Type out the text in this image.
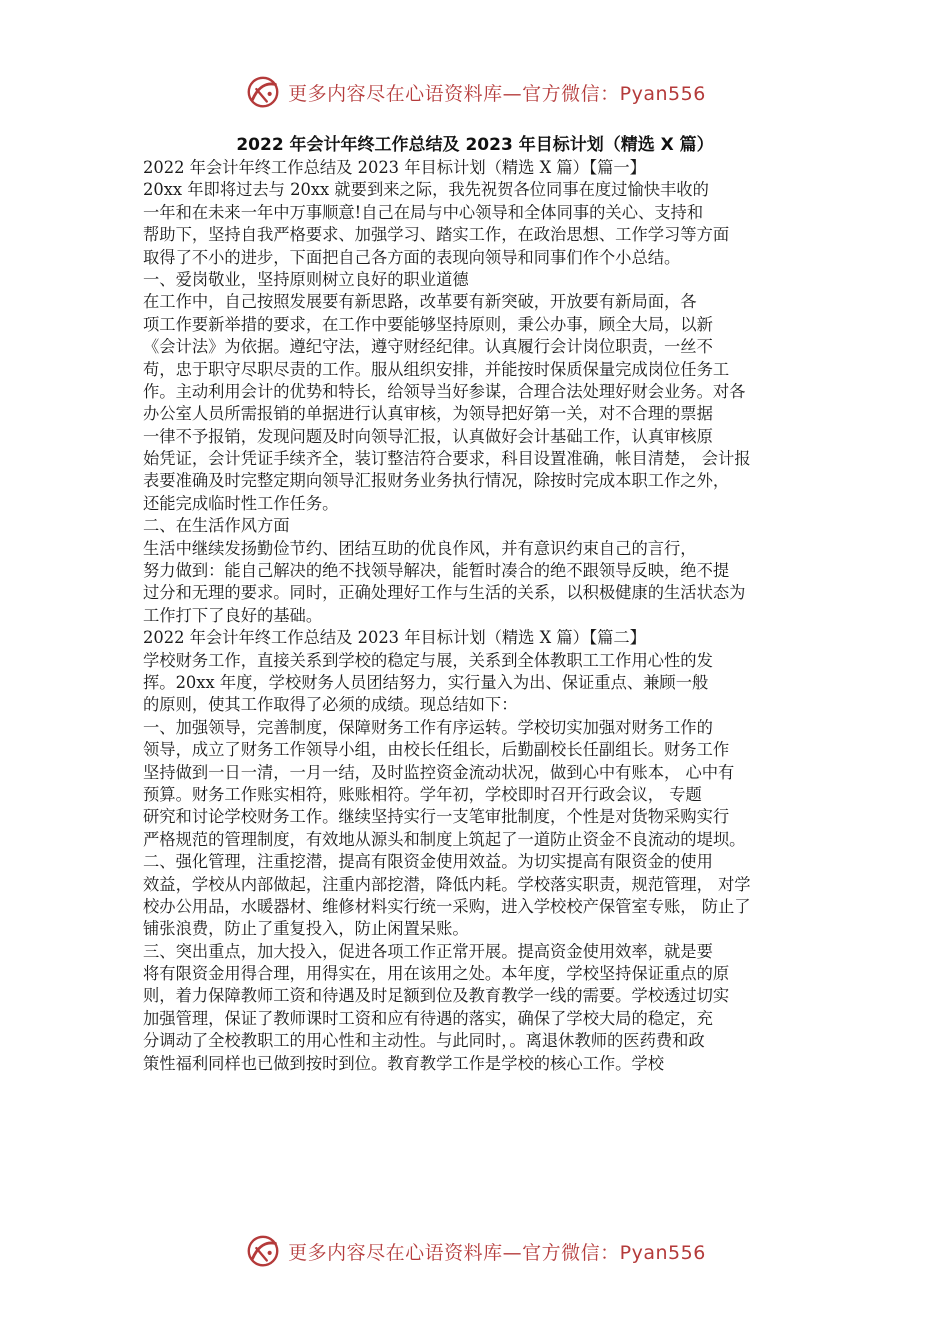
更多内容尽在心语资料库—官方微信：Pyan556
2022 年会计年终工作总结及 2023 年目标计划（精选 X 篇）
2022 年会计年终工作总结及 2023 年目标计划（精选 X 篇）【篇一】
20xx 年即将过去与 20xx 就要到来之际，我先祝贺各位同事在度过愉快丰收的
一年和在未来一年中万事顺意!自己在局与中心领导和全体同事的关心、支持和
帮助下，坚持自我严格要求、加强学习、踏实工作，在政治思想、工作学习等方面
取得了不小的进步，下面把自己各方面的表现向领导和同事们作个小总结。
一、爱岗敬业，坚持原则树立良好的职业道德
在工作中，自己按照发展要有新思路，改革要有新突破，开放要有新局面，各
项工作要新举措的要求，在工作中要能够坚持原则，秉公办事，顾全大局，以新
《会计法》为依据。遵纪守法，遵守财经纪律。认真履行会计岗位职责，一丝不
苟，忠于职守尽职尽责的工作。服从组织安排，并能按时保质保量完成岗位任务工
作。主动利用会计的优势和特长，给领导当好参谋，合理合法处理好财会业务。对各
办公室人员所需报销的单据进行认真审核，为领导把好第一关，对不合理的票据
一律不予报销，发现问题及时向领导汇报，认真做好会计基础工作，认真审核原
始凭证，会计凭证手续齐全，装订整洁符合要求，科目设置准确，帐目清楚， 会计报
表要准确及时完整定期向领导汇报财务业务执行情况，除按时完成本职工作之外，
还能完成临时性工作任务。
二、在生活作风方面
生活中继续发扬勤俭节约、团结互助的优良作风，并有意识约束自己的言行，
努力做到：能自己解决的绝不找领导解决，能暂时凑合的绝不跟领导反映，绝不提
过分和无理的要求。同时，正确处理好工作与生活的关系，以积极健康的生活状态为
工作打下了良好的基础。
2022 年会计年终工作总结及 2023 年目标计划（精选 X 篇）【篇二】
学校财务工作，直接关系到学校的稳定与展，关系到全体教职工工作用心性的发
挥。20xx 年度，学校财务人员团结努力，实行量入为出、保证重点、兼顾一般
的原则，使其工作取得了必须的成绩。现总结如下：
一、加强领导，完善制度，保障财务工作有序运转。学校切实加强对财务工作的
领导，成立了财务工作领导小组，由校长任组长，后勤副校长任副组长。财务工作
坚持做到一日一清，一月一结，及时监控资金流动状况，做到心中有账本， 心中有
预算。财务工作账实相符，账账相符。学年初，学校即时召开行政会议， 专题
研究和讨论学校财务工作。继续坚持实行一支笔审批制度，个性是对货物采购实行
严格规范的管理制度，有效地从源头和制度上筑起了一道防止资金不良流动的堤坝。
二、强化管理，注重挖潜，提高有限资金使用效益。为切实提高有限资金的使用
效益，学校从内部做起，注重内部挖潜，降低内耗。学校落实职责，规范管理， 对学
校办公用品，水暖器材、维修材料实行统一采购，进入学校校产保管室专账， 防止了
铺张浪费，防止了重复投入，防止闲置呆账。
三、突出重点，加大投入，促进各项工作正常开展。提高资金使用效率，就是要
将有限资金用得合理，用得实在，用在该用之处。本年度，学校坚持保证重点的原
则，着力保障教师工资和待遇及时足额到位及教育教学一线的需要。学校透过切实
加强管理，保证了教师课时工资和应有待遇的落实，确保了学校大局的稳定，充
分调动了全校教职工的用心性和主动性。与此同时，。离退休教师的医药费和政
策性福利同样也已做到按时到位。教育教学工作是学校的核心工作。学校
更多内容尽在心语资料库—官方微信：Pyan556
